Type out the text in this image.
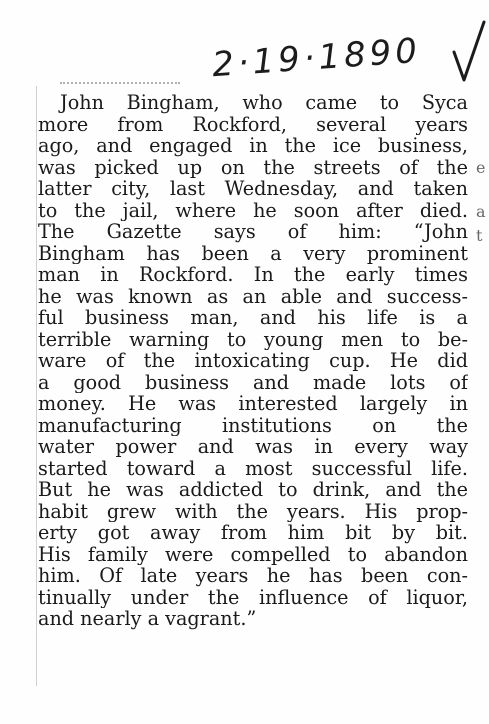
2·19·1890
John Bingham, who came to Syca
more from Rockford, several years
ago, and engaged in the ice business,
was picked up on the streets of the
latter city, last Wednesday, and taken
to the jail, where he soon after died.
The Gazette says of him: “John
Bingham has been a very prominent
man in Rockford. In the early times
he was known as an able and success-
ful business man, and his life is a
terrible warning to young men to be-
ware of the intoxicating cup. He did
a good business and made lots of
money. He was interested largely in
manufacturing institutions on the
water power and was in every way
started toward a most successful life.
But he was addicted to drink, and the
habit grew with the years. His prop-
erty got away from him bit by bit.
His family were compelled to abandon
him. Of late years he has been con-
tinually under the influence of liquor,
and nearly a vagrant.”
e
a
t
